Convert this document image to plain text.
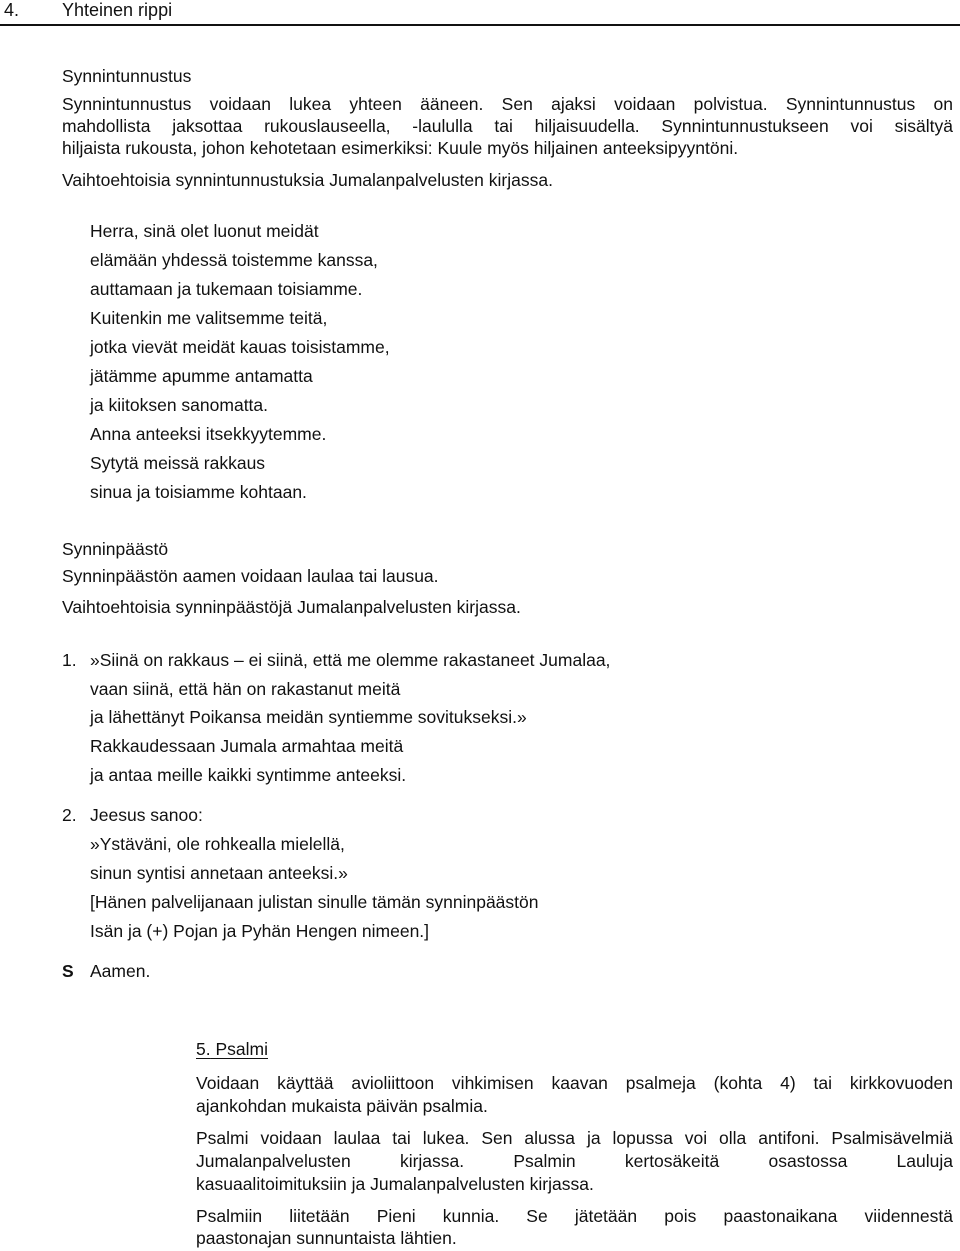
4. Yhteinen rippi

Synnintunnustus

Synnintunnustus voidaan lukea yhteen ääneen. Sen ajaksi voidaan polvistua. Synnintunnustus on

mahdollista jaksottaa rukouslauseella, -laululla tai hiljaisuudella. Synnintunnustukseen voi sisältyä

hiljaista rukousta, johon kehotetaan esimerkiksi: Kuule myös hiljainen anteeksipyyntöni.

Vaihtoehtoisia synnintunnustuksia Jumalanpalvelusten kirjassa.

Herra, sinä olet luonut meidät

elämään yhdessä toistemme kanssa,

auttamaan ja tukemaan toisiamme.

Kuitenkin me valitsemme teitä,

jotka vievät meidät kauas toisistamme,

jätämme apumme antamatta

ja kiitoksen sanomatta.

Anna anteeksi itsekkyytemme.

Sytytä meissä rakkaus

sinua ja toisiamme kohtaan.

Synninpäästö

Synninpäästön aamen voidaan laulaa tai lausua.

Vaihtoehtoisia synninpäästöjä Jumalanpalvelusten kirjassa.

1. »Siinä on rakkaus – ei siinä, että me olemme rakastaneet Jumalaa,

vaan siinä, että hän on rakastanut meitä

ja lähettänyt Poikansa meidän syntiemme sovitukseksi.»

Rakkaudessaan Jumala armahtaa meitä

ja antaa meille kaikki syntimme anteeksi.

2. Jeesus sanoo:

»Ystäväni, ole rohkealla mielellä,

sinun syntisi annetaan anteeksi.»

[Hänen palvelijanaan julistan sinulle tämän synninpäästön

Isän ja (+) Pojan ja Pyhän Hengen nimeen.]

S Aamen.

5. Psalmi

Voidaan käyttää avioliittoon vihkimisen kaavan psalmeja (kohta 4) tai kirkkovuoden

ajankohdan mukaista päivän psalmia.

Psalmi voidaan laulaa tai lukea. Sen alussa ja lopussa voi olla antifoni. Psalmisävelmiä

Jumalanpalvelusten kirjassa. Psalmin kertosäkeitä osastossa Lauluja

kasuaalitoimituksiin ja Jumalanpalvelusten kirjassa.

Psalmiin liitetään Pieni kunnia. Se jätetään pois paastonaikana viidennestä

paastonajan sunnuntaista lähtien.
